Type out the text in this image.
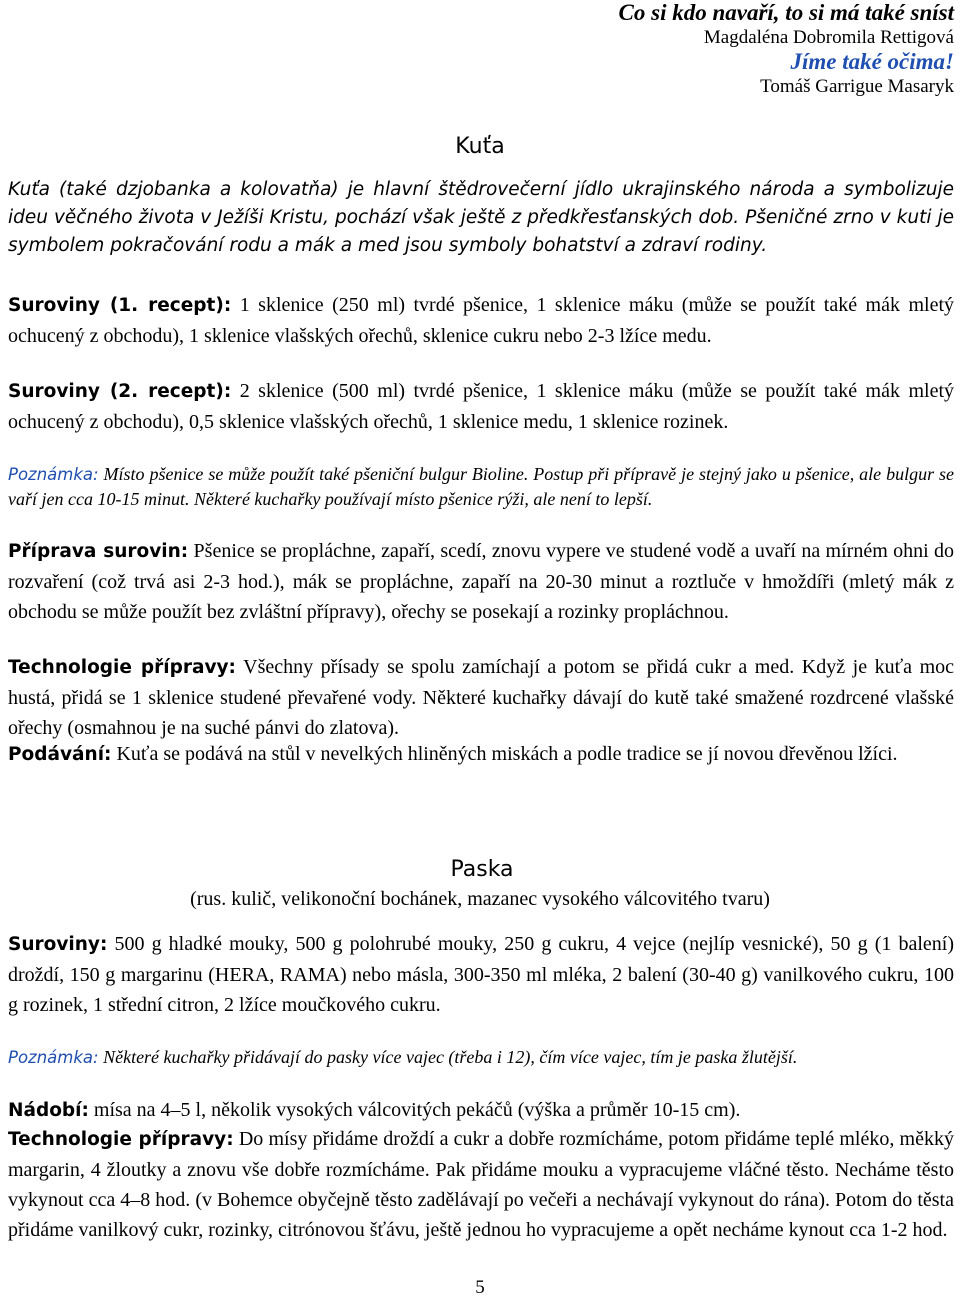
Co si kdo navaří, to si má také sníst
Magdaléna Dobromila Rettigová
Jíme také očima!
Tomáš Garrigue Masaryk
Kuťa
Kuťa (také dzjobanka a kolovatňa) je hlavní štědrovečerní jídlo ukrajinského národa a symbolizuje ideu věčného života v Ježíši Kristu, pochází však ještě z předkřesťanských dob. Pšeničné zrno v kuti je symbolem pokračování rodu a mák a med jsou symboly bohatství a zdraví rodiny.
Suroviny (1. recept): 1 sklenice (250 ml) tvrdé pšenice, 1 sklenice máku (může se použít také mák mletý ochucený z obchodu), 1 sklenice vlašských ořechů, sklenice cukru nebo 2-3 lžíce medu.
Suroviny (2. recept): 2 sklenice (500 ml) tvrdé pšenice, 1 sklenice máku (může se použít také mák mletý ochucený z obchodu), 0,5 sklenice vlašských ořechů, 1 sklenice medu, 1 sklenice rozinek.
Poznámka: Místo pšenice se může použít také pšeniční bulgur Bioline. Postup při přípravě je stejný jako u pšenice, ale bulgur se vaří jen cca 10-15 minut. Některé kuchařky používají místo pšenice rýži, ale není to lepší.
Příprava surovin: Pšenice se propláchne, zapaří, scedí, znovu vypere ve studené vodě a uvaří na mírném ohni do rozvaření (což trvá asi 2-3 hod.), mák se propláchne, zapaří na 20-30 minut a roztluče v hmoždíři (mletý mák z obchodu se může použít bez zvláštní přípravy), ořechy se posekají a rozinky propláchnou.
Technologie přípravy: Všechny přísady se spolu zamíchají a potom se přidá cukr a med. Když je kuťa moc hustá, přidá se 1 sklenice studené převařené vody. Některé kuchařky dávají do kutě také smažené rozdrcené vlašské ořechy (osmahnou je na suché pánvi do zlatova).
Podávání: Kuťa se podává na stůl v nevelkých hliněných miskách a podle tradice se jí novou dřevěnou lžíci.
Paska
(rus. kulič, velikonoční bochánek, mazanec vysokého válcovitého tvaru)
Suroviny: 500 g hladké mouky, 500 g polohrubé mouky, 250 g cukru, 4 vejce (nejlíp vesnické), 50 g (1 balení) droždí, 150 g margarinu (HERA, RAMA) nebo másla, 300-350 ml mléka, 2 balení (30-40 g) vanilkového cukru, 100 g rozinek, 1 střední citron, 2 lžíce moučkového cukru.
Poznámka: Některé kuchařky přidávají do pasky více vajec (třeba i 12), čím více vajec, tím je paska žlutější.
Nádobí: mísa na 4–5 l, několik vysokých válcovitých pekáčů (výška a průměr 10-15 cm).
Technologie přípravy: Do mísy přidáme droždí a cukr a dobře rozmícháme, potom přidáme teplé mléko, měkký margarin, 4 žloutky a znovu vše dobře rozmícháme. Pak přidáme mouku a vypracujeme vláčné těsto. Necháme těsto vykynout cca 4–8 hod. (v Bohemce obyčejně těsto zadělávají po večeři a nechávají vykynout do rána). Potom do těsta přidáme vanilkový cukr, rozinky, citrónovou šťávu, ještě jednou ho vypracujeme a opět necháme kynout cca 1-2 hod.
5
